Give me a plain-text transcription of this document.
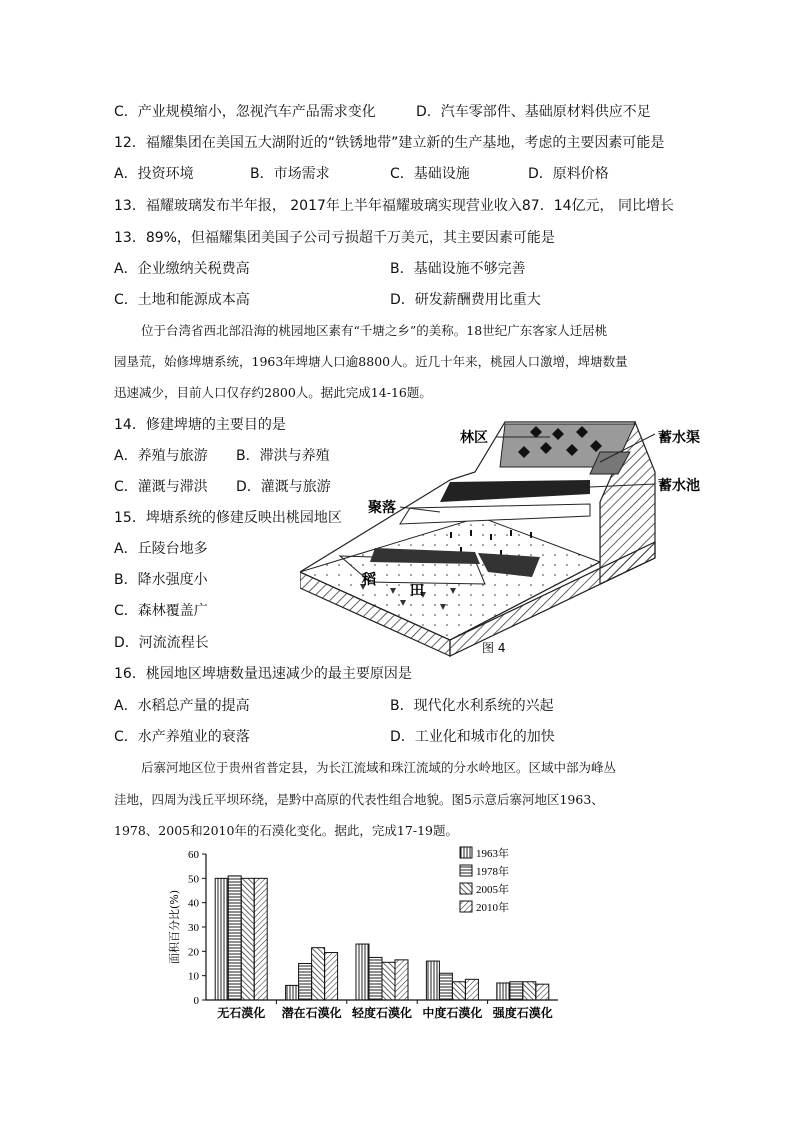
C．产业规模缩小，忽视汽车产品需求变化	D．汽车零部件、基础原材料供应不足
12．福耀集团在美国五大湖附近的“铁锈地带”建立新的生产基地，考虑的主要因素可能是
A．投资环境	B．市场需求	C．基础设施	D．原料价格
13．福耀玻璃发布半年报， 2017年上半年福耀玻璃实现营业收入87．14亿元， 同比增长
13．89%，但福耀集团美国子公司亏损超千万美元，其主要因素可能是
A．企业缴纳关税费高	B．基础设施不够完善
C．土地和能源成本高	D．研发薪酬费用比重大
位于台湾省西北部沿海的桃园地区素有“千塘之乡”的美称。18世纪广东客家人迁居桃
园垦荒，始修埤塘系统，1963年埤塘人口逾8800人。近几十年来，桃园人口激增，埤塘数量
迅速减少，目前人口仅存约2800人。据此完成14-16题。
14．修建埤塘的主要目的是
A．养殖与旅游 B．滞洪与养殖
C．灌溉与滞洪 D．灌溉与旅游
15．埤塘系统的修建反映出桃园地区
A．丘陵台地多
B．降水强度小
C．森林覆盖广
D．河流流程长
林区	蓄水渠
蓄水池
聚落
稻
田
图 4
16．桃园地区埤塘数量迅速减少的最主要原因是
A．水稻总产量的提高	B．现代化水利系统的兴起
C．水产养殖业的衰落	D．工业化和城市化的加快
后寨河地区位于贵州省普定县，为长江流域和珠江流域的分水岭地区。区域中部为峰丛
洼地，四周为浅丘平坝环绕，是黔中高原的代表性组合地貌。图5示意后寨河地区1963、
1978、2005和2010年的石漠化变化。据此，完成17-19题。
0
10
20
30
40
50
60
面积百分比(%)
无石漠化 潜在石漠化 轻度石漠化 中度石漠化 强度石漠化
1963年
1978年
2005年
2010年
